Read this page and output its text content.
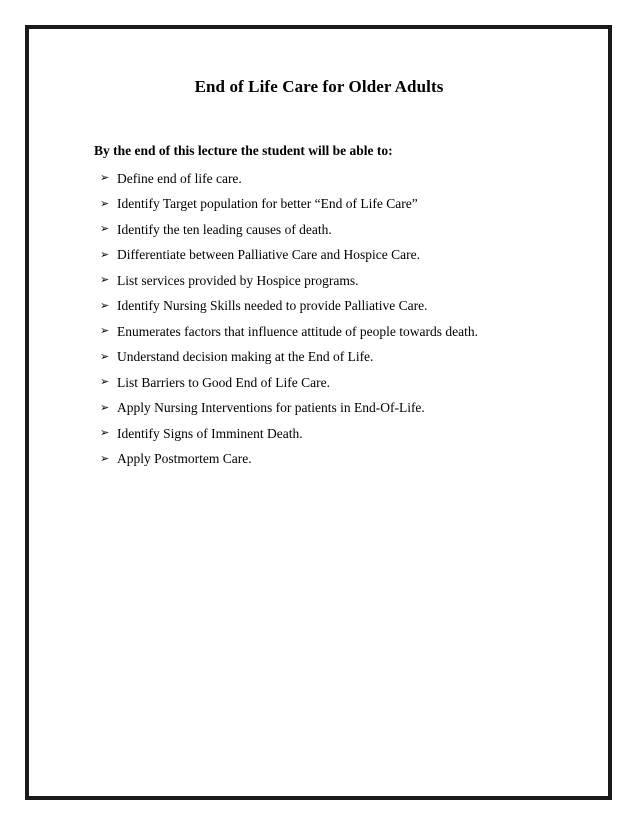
End of Life Care for Older Adults
By the end of this lecture the student will be able to:
➢ Define end of life care.
➢ Identify Target population for better “End of Life Care”
➢ Identify the ten leading causes of death.
➢ Differentiate between Palliative Care and Hospice Care.
➢ List services provided by Hospice programs.
➢ Identify Nursing Skills needed to provide Palliative Care.
➢ Enumerates factors that influence attitude of people towards death.
➢ Understand decision making at the End of Life.
➢ List Barriers to Good End of Life Care.
➢ Apply Nursing Interventions for patients in End-Of-Life.
➢ Identify Signs of Imminent Death.
➢ Apply Postmortem Care.
